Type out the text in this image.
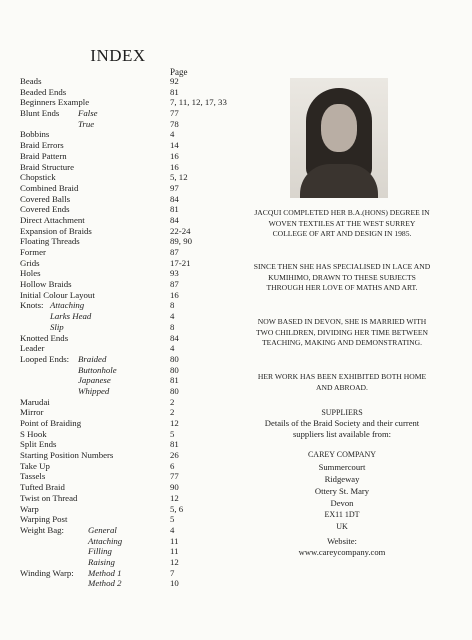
INDEX
Page
Beads	92
Beaded Ends	81
Beginners Example	7, 11, 12, 17, 33
Blunt Ends False	77
True	78
Bobbins	4
Braid Errors	14
Braid Pattern	16
Braid Structure	16
Chopstick	5, 12
Combined Braid	97
Covered Balls	84
Covered Ends	81
Direct Attachment	84
Expansion of Braids	22-24
Floating Threads	89, 90
Former	87
Grids	17-21
Holes	93
Hollow Braids	87
Initial Colour Layout	16
Knots: Attaching	8
Larks Head	4
Slip	8
Knotted Ends	84
Leader	4
Looped Ends: Braided	80
Buttonhole	80
Japanese	81
Whipped	80
Marudai	2
Mirror	2
Point of Braiding	12
S Hook	5
Split Ends	81
Starting Position Numbers	26
Take Up	6
Tassels	77
Tufted Braid	90
Twist on Thread	12
Warp	5, 6
Warping Post	5
Weight Bag:	General	4
Attaching	11
Filling	11
Raising	12
Winding Warp: Method 1	7
Method 2	10

JACQUI COMPLETED HER B.A.(HONS) DEGREE IN WOVEN TEXTILES AT THE WEST SURREY COLLEGE OF ART AND DESIGN IN 1985.

SINCE THEN SHE HAS SPECIALISED IN LACE AND KUMIHIMO, DRAWN TO THESE SUBJECTS THROUGH HER LOVE OF MATHS AND ART.

NOW BASED IN DEVON, SHE IS MARRIED WITH TWO CHILDREN, DIVIDING HER TIME BETWEEN TEACHING, MAKING AND DEMONSTRATING.

HER WORK HAS BEEN EXHIBITED BOTH HOME AND ABROAD.

SUPPLIERS

Details of the Braid Society and their current suppliers list available from:

CAREY COMPANY
Summercourt
Ridgeway
Ottery St. Mary
Devon
EX11 1DT
UK
Website:
www.careycompany.com
